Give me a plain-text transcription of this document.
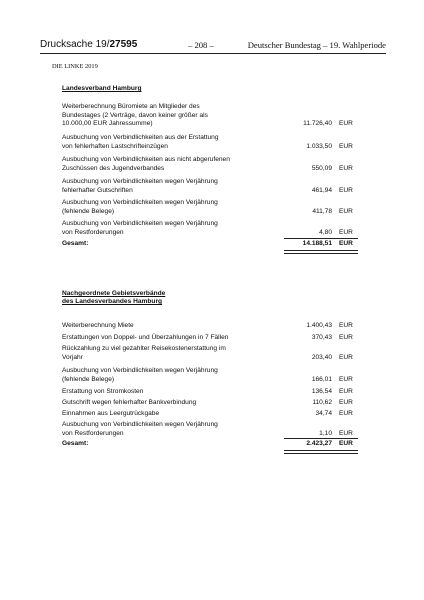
Drucksache 19/27595	– 208 –	Deutscher Bundestag – 19. Wahlperiode
DIE LINKE 2019
Landesverband Hamburg
Weiterberechnung Büromiete an Mitglieder des
Bundestages (2 Verträge, davon keiner größer als
10.000,00 EUR Jahressumme)	11.726,40 EUR
Ausbuchung von Verbindlichkeiten aus der Erstattung
von fehlerhaften Lastschrifteinzügen	1.033,50 EUR
Ausbuchung von Verbindlichkeiten aus nicht abgerufenen
Zuschüssen des Jugendverbandes	550,09 EUR
Ausbuchung von Verbindlichkeiten wegen Verjährung
fehlerhafter Gutschriften	461,94 EUR
Ausbuchung von Verbindlichkeiten wegen Verjährung
(fehlende Belege)	411,78 EUR
Ausbuchung von Verbindlichkeiten wegen Verjährung
von Restforderungen	4,80 EUR
Gesamt:	14.188,51 EUR
Nachgeordnete Gebietsverbände
des Landesverbandes Hamburg
Weiterberechnung Miete	1.400,43 EUR
Erstattungen von Doppel- und Überzahlungen in 7 Fällen	370,43 EUR
Rückzahlung zu viel gezahlter Reisekostenerstattung im
Vorjahr	203,40 EUR
Ausbuchung von Verbindlichkeiten wegen Verjährung
(fehlende Belege)	166,01 EUR
Erstattung von Stromkosten	136,54 EUR
Gutschrift wegen fehlerhafter Bankverbindung	110,62 EUR
Einnahmen aus Leergutrückgabe	34,74 EUR
Ausbuchung von Verbindlichkeiten wegen Verjährung
von Restforderungen	1,10 EUR
Gesamt:	2.423,27 EUR
